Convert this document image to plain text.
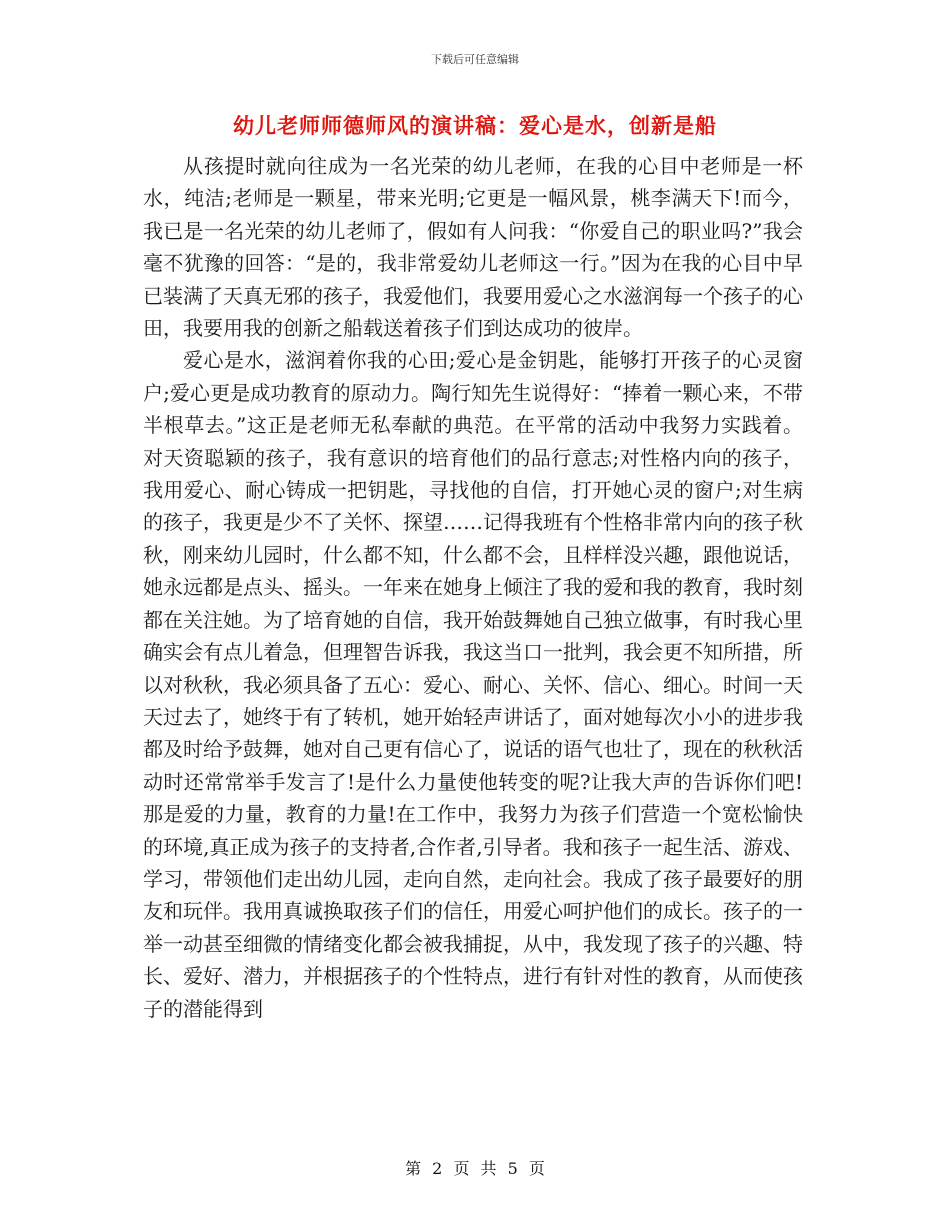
下载后可任意编辑
幼儿老师师德师风的演讲稿：爱心是水，创新是船

从孩提时就向往成为一名光荣的幼儿老师，在我的心目中老师是一杯水，纯洁;老师是一颗星，带来光明;它更是一幅风景，桃李满天下!而今，我已是一名光荣的幼儿老师了，假如有人问我：“你爱自己的职业吗?”我会毫不犹豫的回答：“是的，我非常爱幼儿老师这一行。”因为在我的心目中早已装满了天真无邪的孩子，我爱他们，我要用爱心之水滋润每一个孩子的心田，我要用我的创新之船载送着孩子们到达成功的彼岸。

爱心是水，滋润着你我的心田;爱心是金钥匙，能够打开孩子的心灵窗户;爱心更是成功教育的原动力。陶行知先生说得好：“捧着一颗心来，不带半根草去。”这正是老师无私奉献的典范。在平常的活动中我努力实践着。对天资聪颖的孩子，我有意识的培育他们的品行意志;对性格内向的孩子，我用爱心、耐心铸成一把钥匙，寻找他的自信，打开她心灵的窗户;对生病的孩子，我更是少不了关怀、探望……记得我班有个性格非常内向的孩子秋秋，刚来幼儿园时，什么都不知，什么都不会，且样样没兴趣，跟他说话，她永远都是点头、摇头。一年来在她身上倾注了我的爱和我的教育，我时刻都在关注她。为了培育她的自信，我开始鼓舞她自己独立做事，有时我心里确实会有点儿着急，但理智告诉我，我这当口一批判，我会更不知所措，所以对秋秋，我必须具备了五心：爱心、耐心、关怀、信心、细心。时间一天天过去了，她终于有了转机，她开始轻声讲话了，面对她每次小小的进步我都及时给予鼓舞，她对自己更有信心了，说话的语气也壮了，现在的秋秋活动时还常常举手发言了!是什么力量使他转变的呢?让我大声的告诉你们吧!那是爱的力量，教育的力量!在工作中，我努力为孩子们营造一个宽松愉快的环境,真正成为孩子的支持者,合作者,引导者。我和孩子一起生活、游戏、学习，带领他们走出幼儿园，走向自然，走向社会。我成了孩子最要好的朋友和玩伴。我用真诚换取孩子们的信任，用爱心呵护他们的成长。孩子的一举一动甚至细微的情绪变化都会被我捕捉，从中，我发现了孩子的兴趣、特长、爱好、潜力，并根据孩子的个性特点，进行有针对性的教育，从而使孩子的潜能得到

第 2 页 共 5 页
